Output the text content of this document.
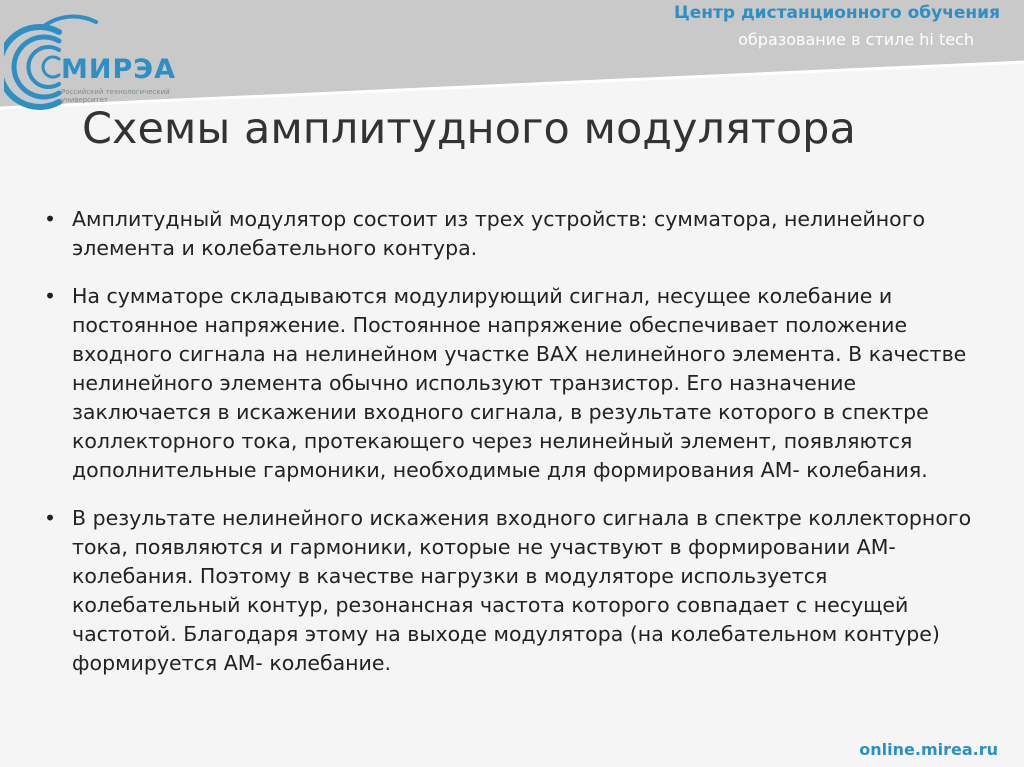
МИРЭА
Российский технологический университет
Центр дистанционного обучения
образование в стиле hi tech
Схемы амплитудного модулятора
• Амплитудный модулятор состоит из трех устройств: сумматора, нелинейного элемента и колебательного контура.
• На сумматоре складываются модулирующий сигнал, несущее колебание и постоянное напряжение. Постоянное напряжение обеспечивает положение входного сигнала на нелинейном участке ВАХ нелинейного элемента. В качестве нелинейного элемента обычно используют транзистор. Его назначение заключается в искажении входного сигнала, в результате которого в спектре коллекторного тока, протекающего через нелинейный элемент, появляются дополнительные гармоники, необходимые для формирования АМ- колебания.
• В результате нелинейного искажения входного сигнала в спектре коллекторного тока, появляются и гармоники, которые не участвуют в формировании АМ-колебания. Поэтому в качестве нагрузки в модуляторе используется колебательный контур, резонансная частота которого совпадает с несущей частотой. Благодаря этому на выходе модулятора (на колебательном контуре) формируется АМ- колебание.
online.mirea.ru
